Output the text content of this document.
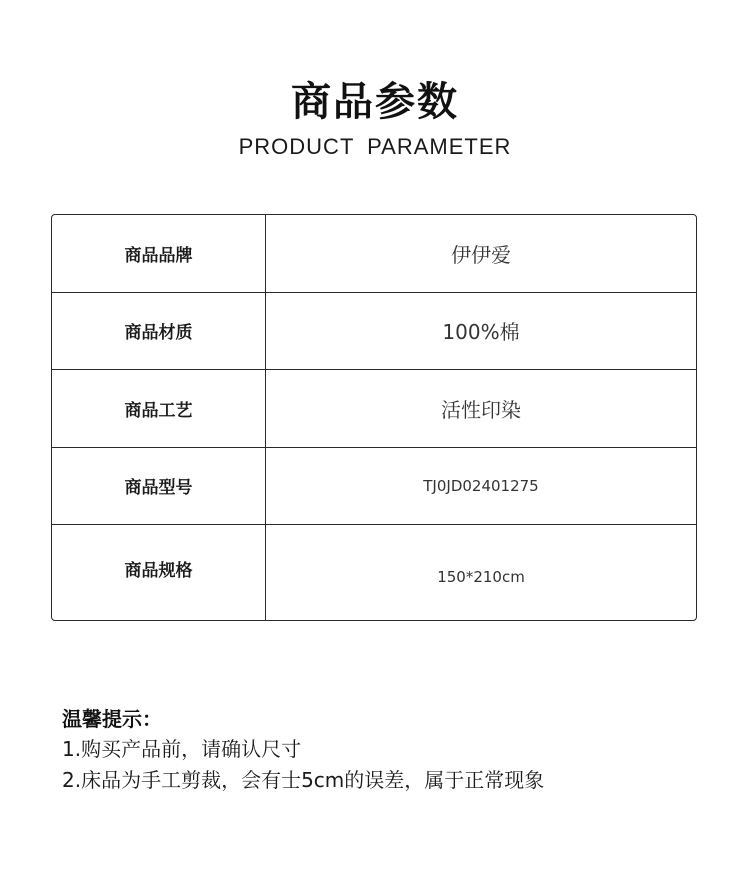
商品参数
PRODUCT PARAMETER
商品品牌	伊伊爱
商品材质	100%棉
商品工艺	活性印染
商品型号	TJ0JD02401275
商品规格	150*210cm
温馨提示：
1.购买产品前，请确认尺寸
2.床品为手工剪裁，会有士5cm的误差，属于正常现象
